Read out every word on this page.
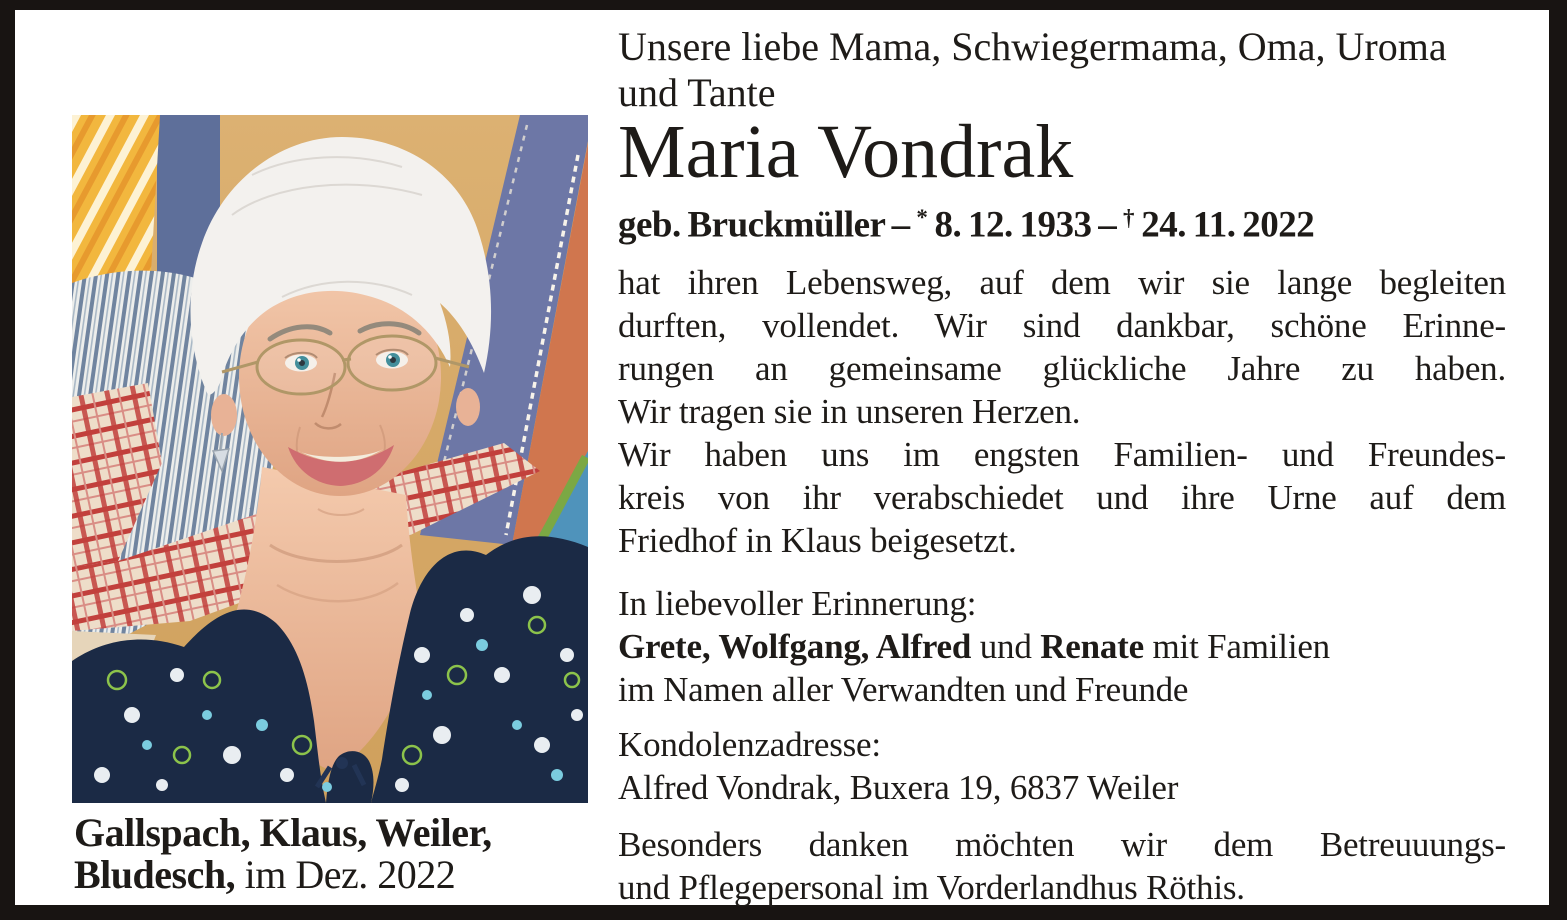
Unsere liebe Mama, Schwiegermama, Oma, Uroma
und Tante
Maria Vondrak
geb. Bruckmüller – * 8. 12. 1933 – † 24. 11. 2022
hat ihren Lebensweg, auf dem wir sie lange begleiten
durften, vollendet. Wir sind dankbar, schöne Erinne-
rungen an gemeinsame glückliche Jahre zu haben.
Wir tragen sie in unseren Herzen.
Wir haben uns im engsten Familien- und Freundes-
kreis von ihr verabschiedet und ihre Urne auf dem
Friedhof in Klaus beigesetzt.
In liebevoller Erinnerung:
Grete, Wolfgang, Alfred und Renate mit Familien
im Namen aller Verwandten und Freunde
Kondolenzadresse:
Alfred Vondrak, Buxera 19, 6837 Weiler
Besonders danken möchten wir dem Betreuuungs-
und Pflegepersonal im Vorderlandhus Röthis.
Gallspach, Klaus, Weiler,
Bludesch, im Dez. 2022
